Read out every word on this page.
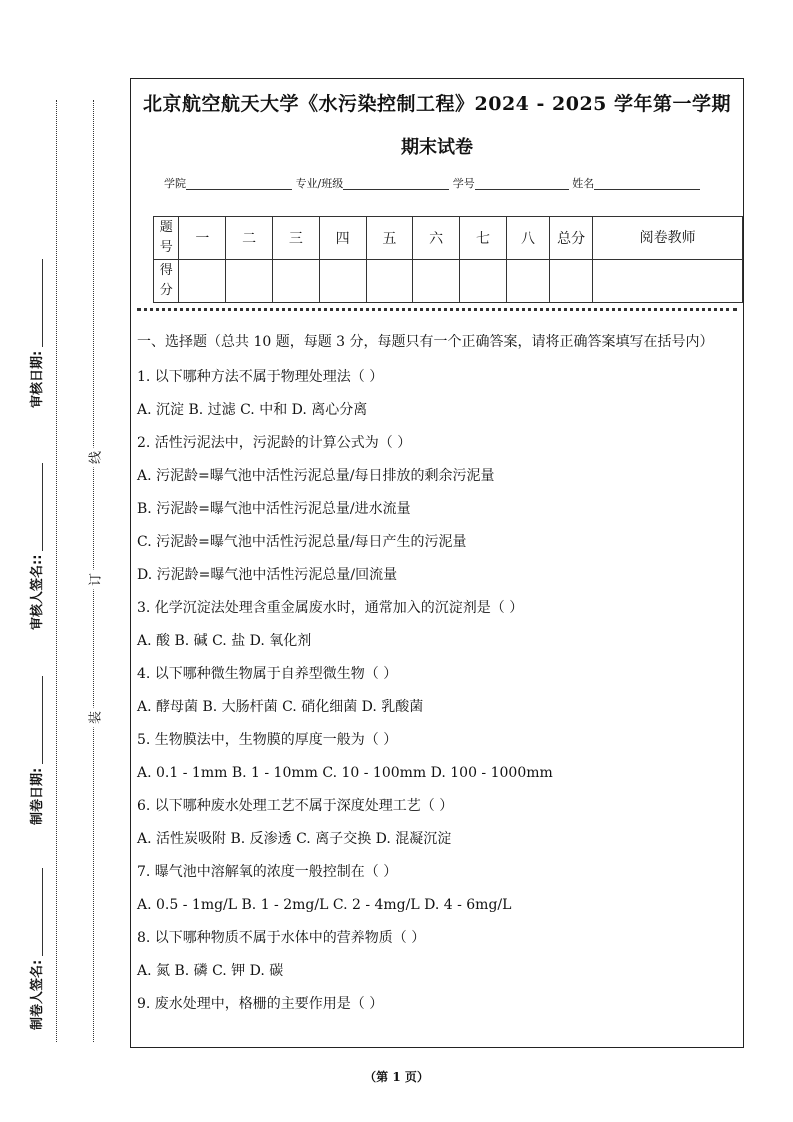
审核日期:
审核人签名::
制卷日期:
制卷人签名:
线
订
装
北京航空航天大学《水污染控制工程》2024 - 2025 学年第一学期
期末试卷
学院	专业/班级	学号	姓名
题号	一	二	三	四	五	六	七	八	总分	阅卷教师
得分										
一、选择题（总共 10 题，每题 3 分，每题只有一个正确答案，请将正确答案填写在括号内）
1. 以下哪种方法不属于物理处理法（ ）
A. 沉淀 B. 过滤 C. 中和 D. 离心分离
2. 活性污泥法中，污泥龄的计算公式为（ ）
A. 污泥龄=曝气池中活性污泥总量/每日排放的剩余污泥量
B. 污泥龄=曝气池中活性污泥总量/进水流量
C. 污泥龄=曝气池中活性污泥总量/每日产生的污泥量
D. 污泥龄=曝气池中活性污泥总量/回流量
3. 化学沉淀法处理含重金属废水时，通常加入的沉淀剂是（ ）
A. 酸 B. 碱 C. 盐 D. 氧化剂
4. 以下哪种微生物属于自养型微生物（ ）
A. 酵母菌 B. 大肠杆菌 C. 硝化细菌 D. 乳酸菌
5. 生物膜法中，生物膜的厚度一般为（ ）
A. 0.1 - 1mm B. 1 - 10mm C. 10 - 100mm D. 100 - 1000mm
6. 以下哪种废水处理工艺不属于深度处理工艺（ ）
A. 活性炭吸附 B. 反渗透 C. 离子交换 D. 混凝沉淀
7. 曝气池中溶解氧的浓度一般控制在（ ）
A. 0.5 - 1mg/L B. 1 - 2mg/L C. 2 - 4mg/L D. 4 - 6mg/L
8. 以下哪种物质不属于水体中的营养物质（ ）
A. 氮 B. 磷 C. 钾 D. 碳
9. 废水处理中，格栅的主要作用是（ ）
（第 1 页）
